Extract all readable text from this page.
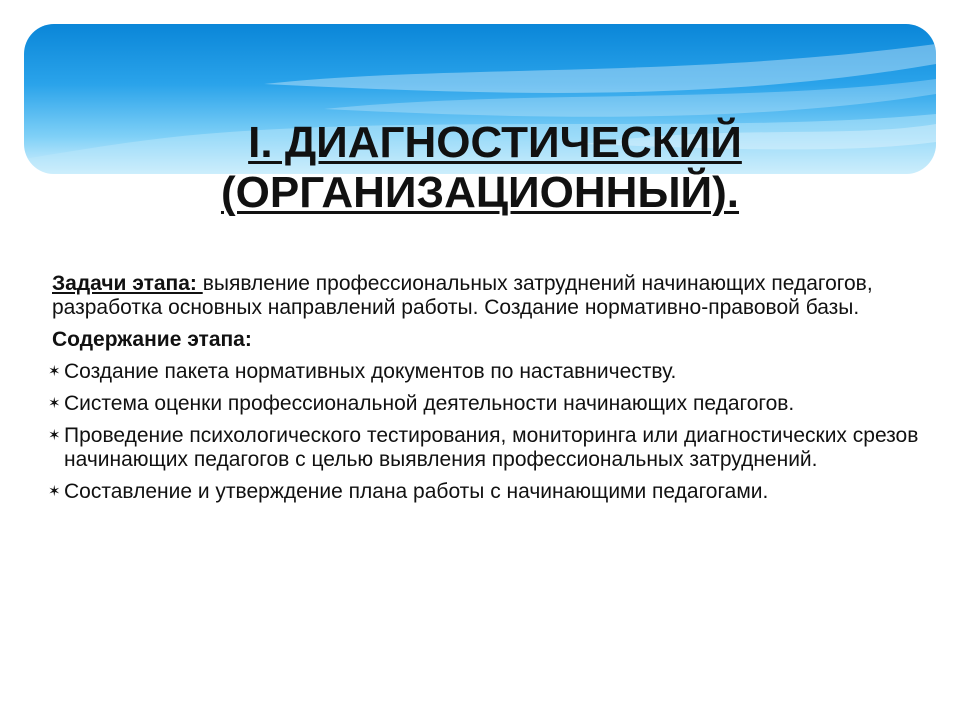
I. ДИАГНОСТИЧЕСКИЙ
(ОРГАНИЗАЦИОННЫЙ).

Задачи этапа: выявление профессиональных затруднений начинающих педагогов, разработка основных направлений работы. Создание нормативно-правовой базы.

Содержание этапа:

✶ Создание пакета нормативных документов по наставничеству.
✶ Система оценки профессиональной деятельности начинающих педагогов.
✶ Проведение психологического тестирования, мониторинга или диагностических срезов начинающих педагогов с целью выявления профессиональных затруднений.
✶ Составление и утверждение плана работы с начинающими педагогами.
